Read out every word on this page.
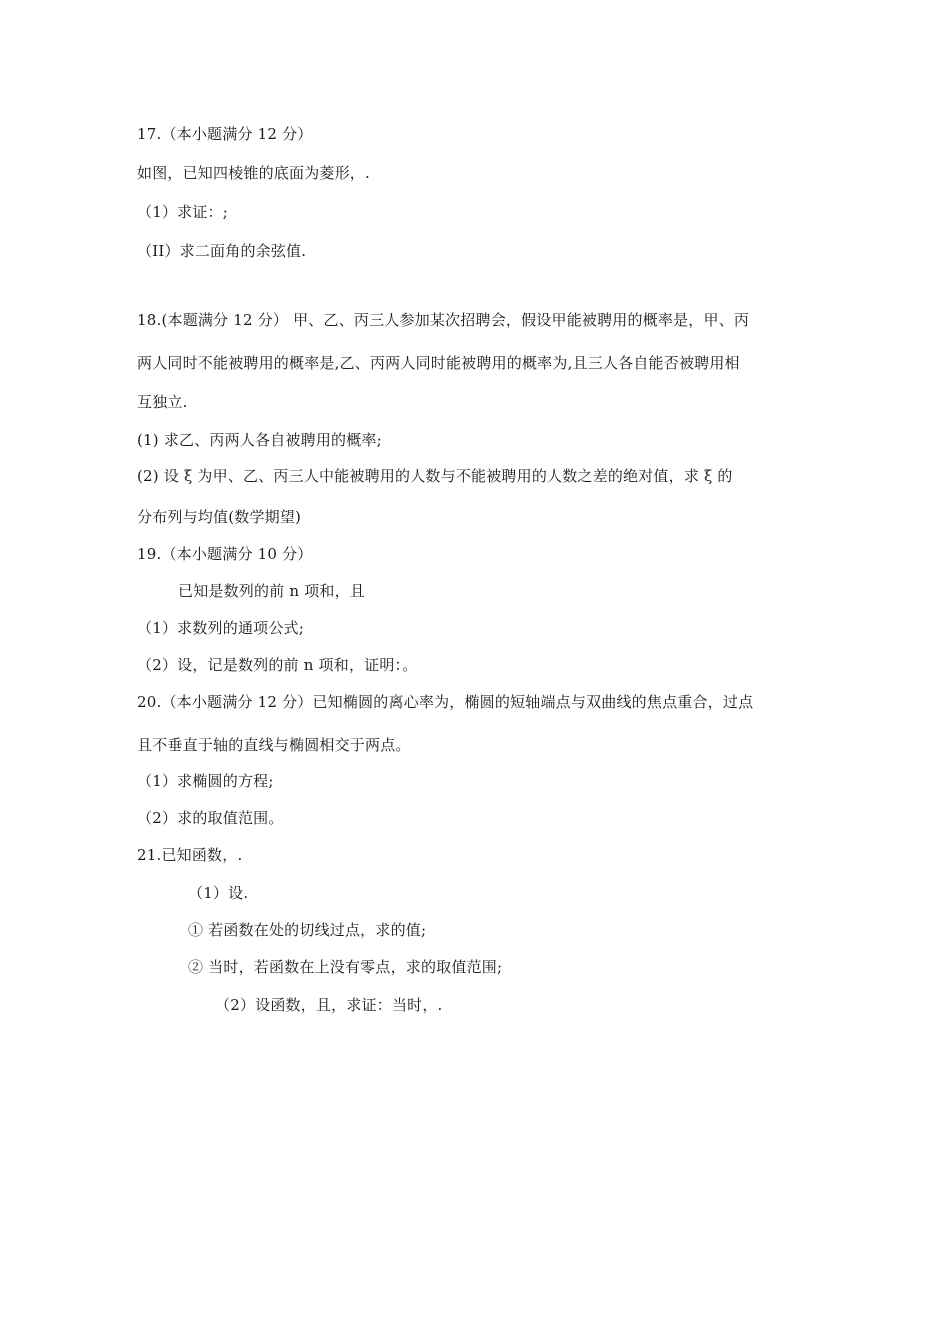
17.（本小题满分 12 分）
如图，已知四棱锥的底面为菱形，.
（1）求证：;
（II）求二面角的余弦值.
18.(本题满分 12 分） 甲、乙、丙三人参加某次招聘会，假设甲能被聘用的概率是，甲、丙
两人同时不能被聘用的概率是,乙、丙两人同时能被聘用的概率为,且三人各自能否被聘用相
互独立.
(1) 求乙、丙两人各自被聘用的概率;
(2) 设 ξ 为甲、乙、丙三人中能被聘用的人数与不能被聘用的人数之差的绝对值，求 ξ 的
分布列与均值(数学期望)
19.（本小题满分 10 分）
已知是数列的前 n 项和，且
（1）求数列的通项公式;
（2）设，记是数列的前 n 项和，证明：。
20.（本小题满分 12 分）已知椭圆的离心率为，椭圆的短轴端点与双曲线的焦点重合，过点
且不垂直于轴的直线与椭圆相交于两点。
（1）求椭圆的方程;
（2）求的取值范围。
21.已知函数，.
（1）设.
① 若函数在处的切线过点，求的值;
② 当时，若函数在上没有零点，求的取值范围;
（2）设函数，且，求证：当时，.
